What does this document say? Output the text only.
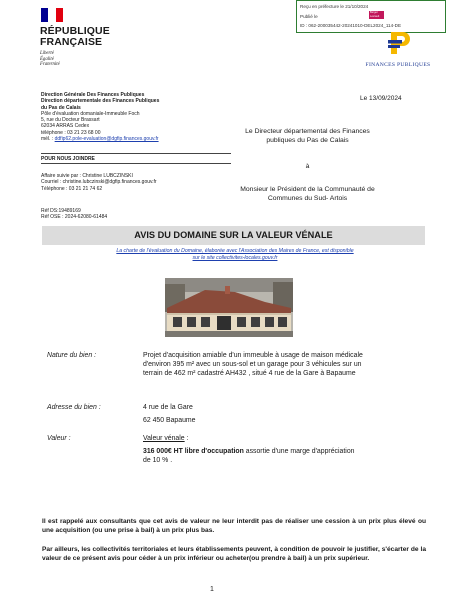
Reçu en préfecture le 21/10/2024
Publié le
ID : 062-200035442-20241010-DEL2024_114-DE
Berger Levrault
RÉPUBLIQUE
FRANÇAISE
Liberté
Égalité
Fraternité	FINANCES PUBLIQUES
Direction Générale Des Finances Publiques
Direction départementale des Finances Publiques
du Pas de Calais
Pôle d'évaluation domaniale-Immeuble Foch
5, rue du Docteur Brassart
62034 ARRAS Cedex
téléphone : 03 21 23 68 00
mél. : ddfip62.pole-evaluation@dgfip.finances.gouv.fr
POUR NOUS JOINDRE
Affaire suivie par : Christine LUBCZINSKI
Courriel : christine.lubczinski@dgfip.finances.gouv.fr
Téléphone : 03 21 21 74 62
Réf DS:19489169
Réf OSE : 2024-62080-61484
Le 13/09/2024
Le Directeur départemental des Finances
publiques du Pas de Calais
à
Monsieur le Président de la Communauté de
Communes du Sud- Artois
AVIS DU DOMAINE SUR LA VALEUR VÉNALE
La charte de l'évaluation du Domaine, élaborée avec l'Association des Maires de France, est disponible
sur le site collectivites-locales.gouv.fr
Nature du bien :	Projet d'acquisition amiable d'un immeuble à usage de maison médicale
d'environ 395 m² avec un sous-sol et un garage pour 3 véhicules sur un
terrain de 462 m² cadastré AH432 , situé 4 rue de la Gare à Bapaume
Adresse du bien :	4 rue de la Gare
62 450 Bapaume
Valeur :	Valeur vénale :
316 000€ HT libre d'occupation assortie d'une marge d'appréciation
de 10 % .
Il est rappelé aux consultants que cet avis de valeur ne leur interdit pas de réaliser une cession à un prix plus élevé ou une acquisition (ou une prise à bail) à un prix plus bas.
Par ailleurs, les collectivités territoriales et leurs établissements peuvent, à condition de pouvoir le justifier, s'écarter de la valeur de ce présent avis pour céder à un prix inférieur ou acheter(ou prendre à bail) à un prix supérieur.
1
